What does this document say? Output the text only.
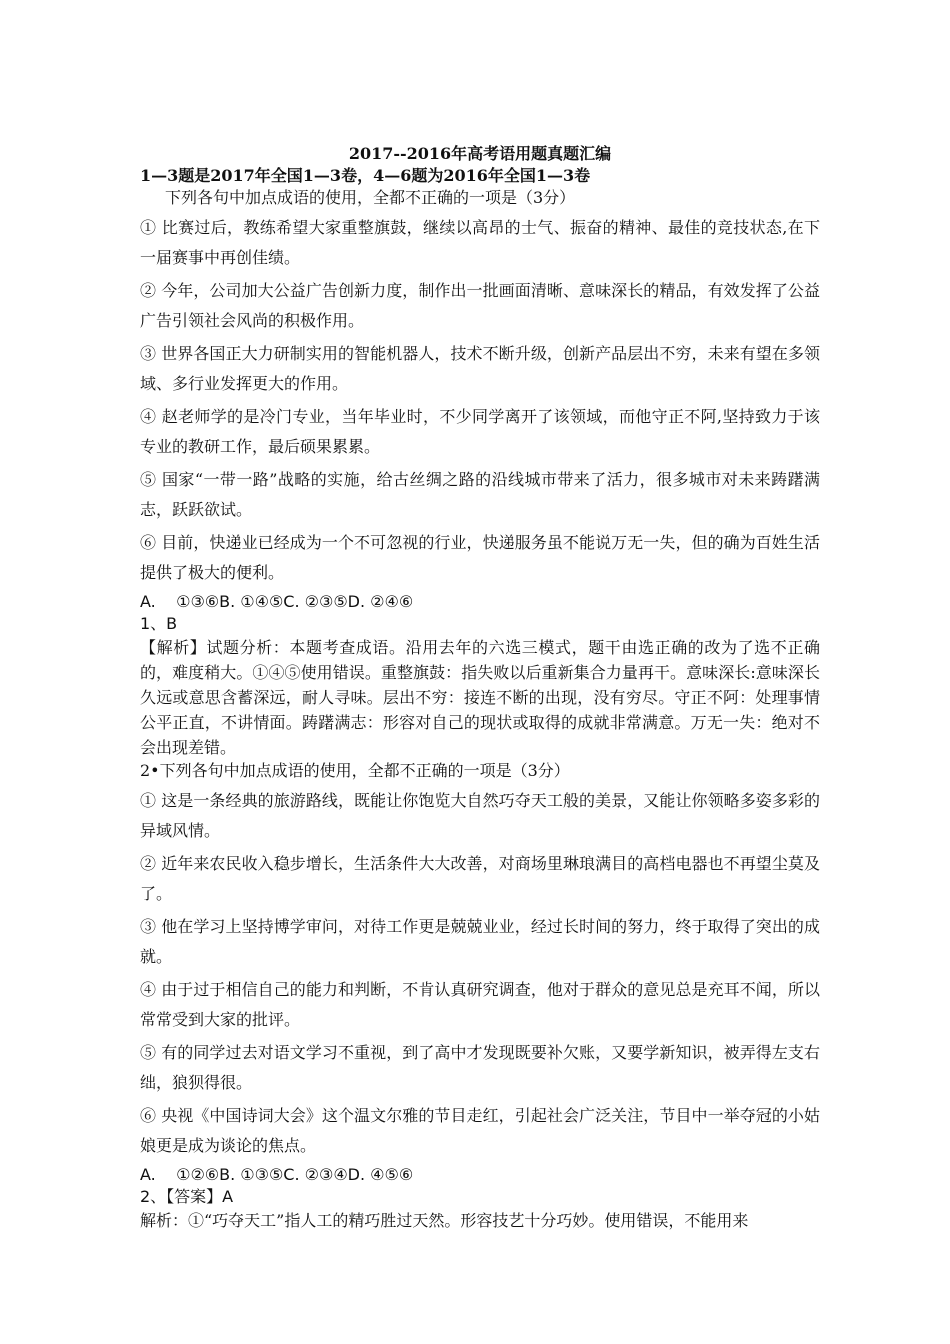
2017--2016年高考语用题真题汇编

1—3题是2017年全国1—3卷，4—6题为2016年全国1—3卷

下列各句中加点成语的使用，全都不正确的一项是（3分）

① 比赛过后，教练希望大家重整旗鼓，继续以高昂的士气、振奋的精神、最佳的竞技状态,在下一届赛事中再创佳绩。

② 今年，公司加大公益广告创新力度，制作出一批画面清晰、意味深长的精品，有效发挥了公益广告引领社会风尚的积极作用。

③ 世界各国正大力研制实用的智能机器人，技术不断升级，创新产品层出不穷，未来有望在多领域、多行业发挥更大的作用。

④ 赵老师学的是冷门专业，当年毕业时，不少同学离开了该领域，而他守正不阿,坚持致力于该专业的教研工作，最后硕果累累。

⑤ 国家“一带一路”战略的实施，给古丝绸之路的沿线城市带来了活力，很多城市对未来踌躇满志，跃跃欲试。

⑥ 目前，快递业已经成为一个不可忽视的行业，快递服务虽不能说万无一失，但的确为百姓生活提供了极大的便利。

A.    ①③⑥B. ①④⑤C. ②③⑤D. ②④⑥

1、B

【解析】试题分析：本题考查成语。沿用去年的六选三模式，题干由选正确的改为了选不正确的，难度稍大。①④⑤使用错误。重整旗鼓：指失败以后重新集合力量再干。意味深长:意味深长久远或意思含蓄深远，耐人寻味。层出不穷：接连不断的出现，没有穷尽。守正不阿：处理事情公平正直，不讲情面。踌躇满志：形容对自己的现状或取得的成就非常满意。万无一失：绝对不会出现差错。

2•下列各句中加点成语的使用，全都不正确的一项是（3分）

① 这是一条经典的旅游路线，既能让你饱览大自然巧夺天工般的美景，又能让你领略多姿多彩的异域风情。

② 近年来农民收入稳步增长，生活条件大大改善，对商场里琳琅满目的高档电器也不再望尘莫及了。

③ 他在学习上坚持博学审问，对待工作更是兢兢业业，经过长时间的努力，终于取得了突出的成就。

④ 由于过于相信自己的能力和判断，不肯认真研究调查，他对于群众的意见总是充耳不闻，所以常常受到大家的批评。

⑤ 有的同学过去对语文学习不重视，到了高中才发现既要补欠账，又要学新知识，被弄得左支右绌，狼狈得很。

⑥ 央视《中国诗词大会》这个温文尔雅的节目走红，引起社会广泛关注，节目中一举夺冠的小姑娘更是成为谈论的焦点。

A.    ①②⑥B. ①③⑤C. ②③④D. ④⑤⑥

2、【答案】A

解析：①“巧夺天工”指人工的精巧胜过天然。形容技艺十分巧妙。使用错误，不能用来
